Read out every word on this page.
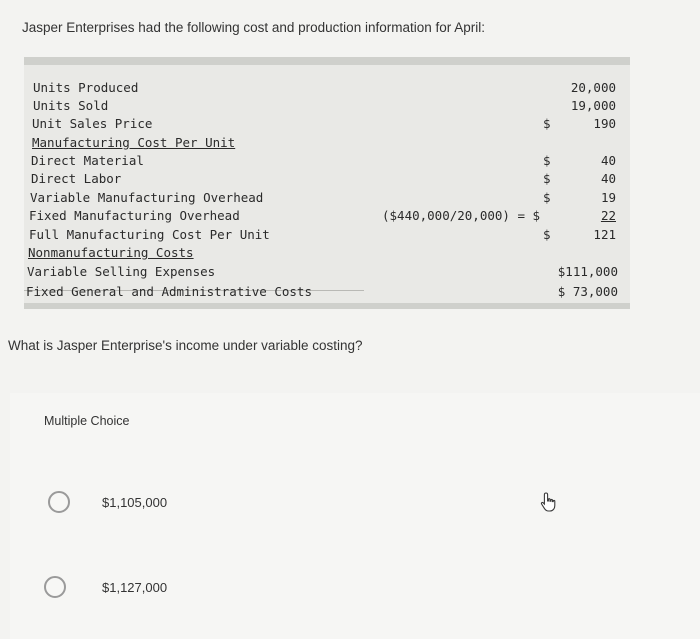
Jasper Enterprises had the following cost and production information for April:
Units Produced	20,000
Units Sold	19,000
Unit Sales Price	$	190
Manufacturing Cost Per Unit
Direct Material	$	40
Direct Labor	$	40
Variable Manufacturing Overhead	$	19
Fixed Manufacturing Overhead	($440,000/20,000) = $	22
Full Manufacturing Cost Per Unit	$	121
Nonmanufacturing Costs
Variable Selling Expenses	$111,000
Fixed General and Administrative Costs	$ 73,000
What is Jasper Enterprise's income under variable costing?
Multiple Choice
$1,105,000
$1,127,000
